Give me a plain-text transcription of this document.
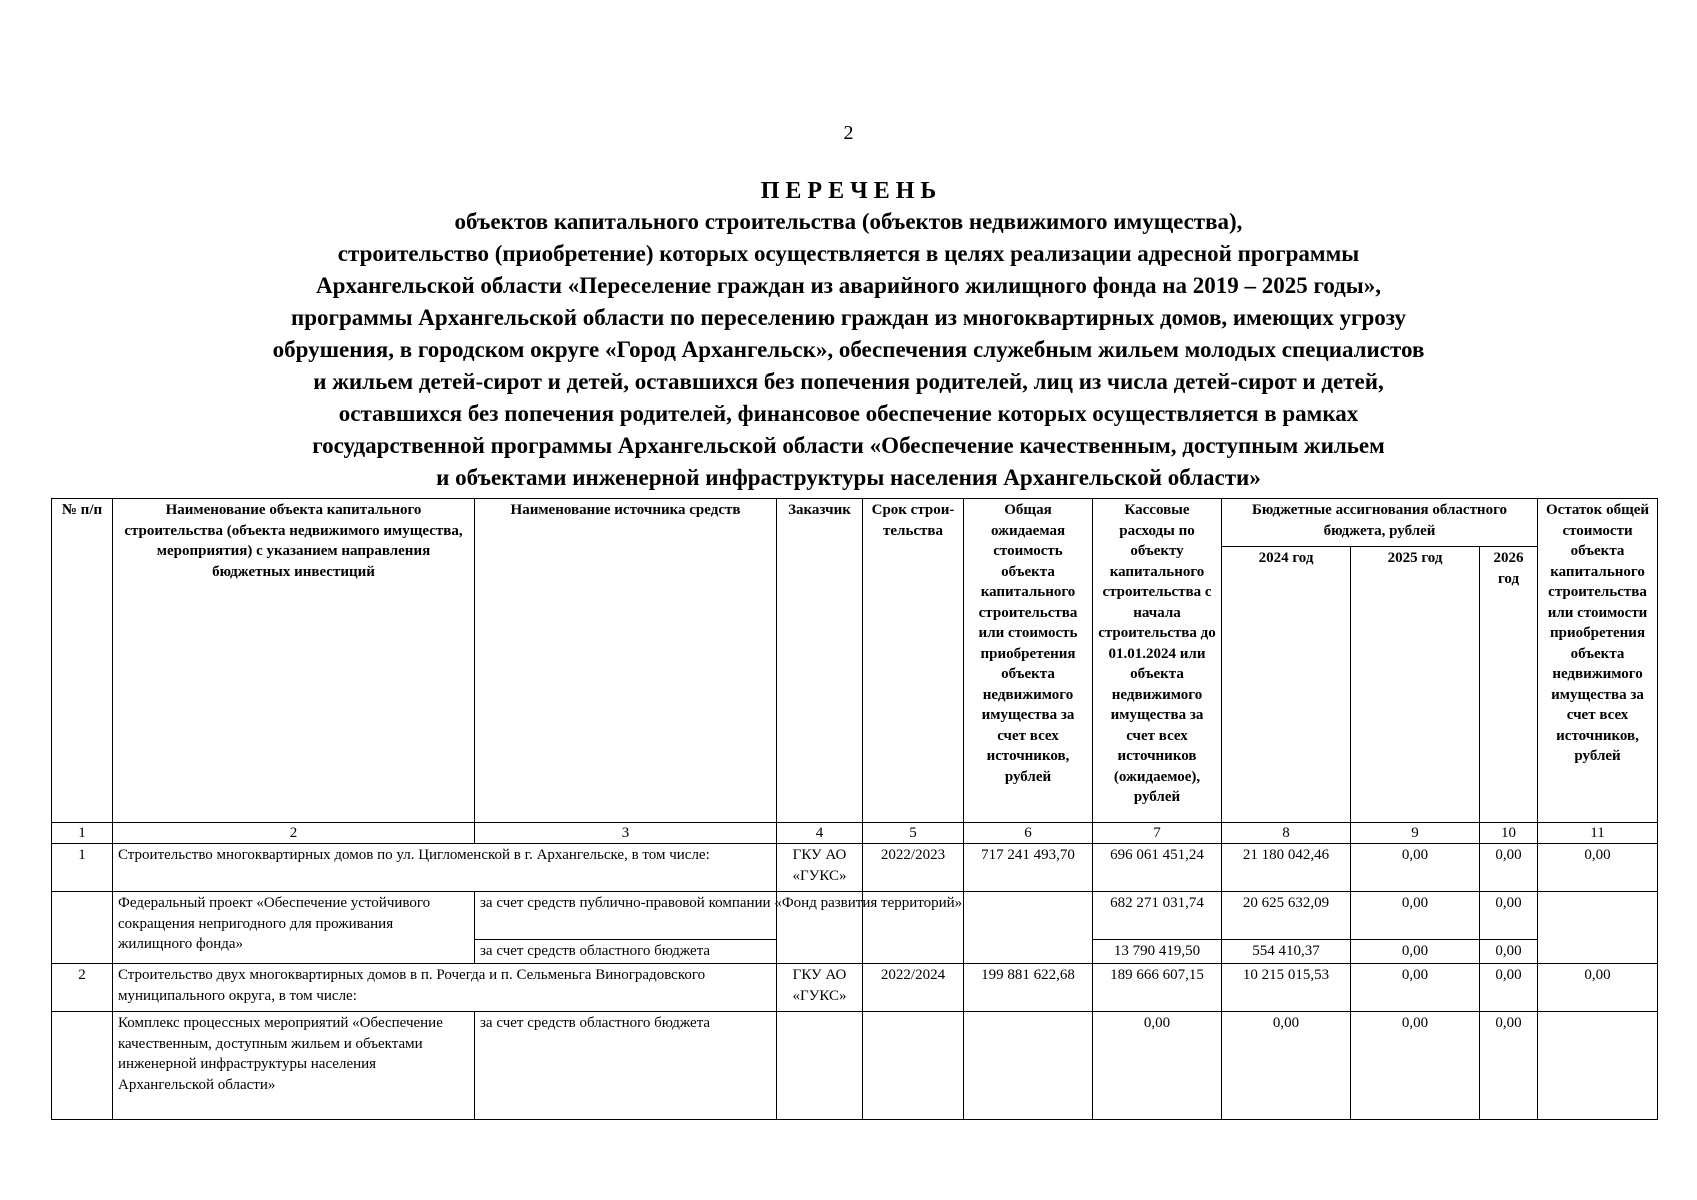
2
ПЕРЕЧЕНЬ
объектов капитального строительства (объектов недвижимого имущества),
строительство (приобретение) которых осуществляется в целях реализации адресной программы
Архангельской области «Переселение граждан из аварийного жилищного фонда на 2019 – 2025 годы»,
программы Архангельской области по переселению граждан из многоквартирных домов, имеющих угрозу
обрушения, в городском округе «Город Архангельск», обеспечения служебным жильем молодых специалистов
и жильем детей-сирот и детей, оставшихся без попечения родителей, лиц из числа детей-сирот и детей,
оставшихся без попечения родителей, финансовое обеспечение которых осуществляется в рамках
государственной программы Архангельской области «Обеспечение качественным, доступным жильем
и объектами инженерной инфраструктуры населения Архангельской области»
№ п/п	Наименование объекта капитального строительства (объекта недвижимого имущества, мероприятия) с указанием направления бюджетных инвестиций	Наименование источника средств	Заказчик	Срок строи-тельства	Общая ожидаемая стоимость объекта капитального строительства или стоимость приобретения объекта недвижимого имущества за счет всех источников, рублей	Кассовые расходы по объекту капитального строительства с начала строительства до 01.01.2024 или объекта недвижимого имущества за счет всех источников (ожидаемое), рублей	Бюджетные ассигнования областного бюджета, рублей			Остаток общей стоимости объекта капитального строительства или стоимости приобретения объекта недвижимого имущества за счет всех источников, рублей
							2024 год	2025 год	2026 год	
1	2	3	4	5	6	7	8	9	10	11
1	Строительство многоквартирных домов по ул. Цигломенской в г. Архангельске, в том числе:		ГКУ АО «ГУКС»	2022/2023	717 241 493,70	696 061 451,24	21 180 042,46	0,00	0,00	0,00
	Федеральный проект «Обеспечение устойчивого сокращения непригодного для проживания жилищного фонда»	за счет средств публично-правовой компании «Фонд развития территорий»				682 271 031,74	20 625 632,09	0,00	0,00	
		за счет средств областного бюджета				13 790 419,50	554 410,37	0,00	0,00	
2	Строительство двух многоквартирных домов в п. Рочегда и п. Сельменьга Виноградовского муниципального округа, в том числе:		ГКУ АО «ГУКС»	2022/2024	199 881 622,68	189 666 607,15	10 215 015,53	0,00	0,00	0,00
	Комплекс процессных мероприятий «Обеспечение качественным, доступным жильем и объектами инженерной инфраструктуры населения Архангельской области»	за счет средств областного бюджета				0,00	0,00	0,00	0,00	
